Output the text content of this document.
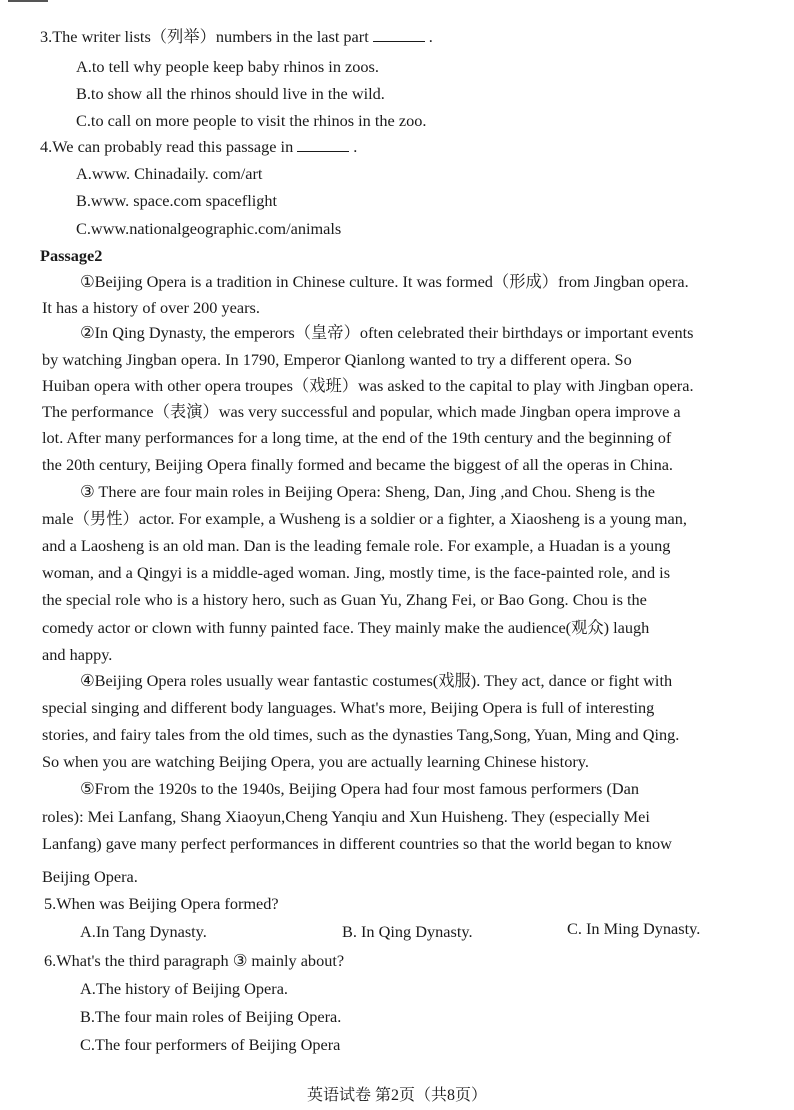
3.The writer lists（列举）numbers in the last part	.
A.to tell why people keep baby rhinos in zoos.
B.to show all the rhinos should live in the wild.
C.to call on more people to visit the rhinos in the zoo.
4.We can probably read this passage in	.
A.www. Chinadaily. com/art
B.www. space.com spaceflight
C.www.nationalgeographic.com/animals
Passage2
①Beijing Opera is a tradition in Chinese culture. It was formed（形成）from Jingban opera.
It has a history of over 200 years.
②In Qing Dynasty, the emperors（皇帝）often celebrated their birthdays or important events
by watching Jingban opera. In 1790, Emperor Qianlong wanted to try a different opera. So
Huiban opera with other opera troupes（戏班）was asked to the capital to play with Jingban opera.
The performance（表演）was very successful and popular, which made Jingban opera improve a
lot. After many performances for a long time, at the end of the 19th century and the beginning of
the 20th century, Beijing Opera finally formed and became the biggest of all the operas in China.
③ There are four main roles in Beijing Opera: Sheng, Dan, Jing ,and Chou. Sheng is the
male（男性）actor. For example, a Wusheng is a soldier or a fighter, a Xiaosheng is a young man,
and a Laosheng is an old man. Dan is the leading female role. For example, a Huadan is a young
woman, and a Qingyi is a middle-aged woman. Jing, mostly time, is the face-painted role, and is
the special role who is a history hero, such as Guan Yu, Zhang Fei, or Bao Gong. Chou is the
comedy actor or clown with funny painted face. They mainly make the audience(观众) laugh
and happy.
④Beijing Opera roles usually wear fantastic costumes(戏服). They act, dance or fight with
special singing and different body languages. What's more, Beijing Opera is full of interesting
stories, and fairy tales from the old times, such as the dynasties Tang,Song, Yuan, Ming and Qing.
So when you are watching Beijing Opera, you are actually learning Chinese history.
⑤From the 1920s to the 1940s, Beijing Opera had four most famous performers (Dan
roles): Mei Lanfang, Shang Xiaoyun,Cheng Yanqiu and Xun Huisheng. They (especially Mei
Lanfang) gave many perfect performances in different countries so that the world began to know
Beijing Opera.
5.When was Beijing Opera formed?
A.In Tang Dynasty.	B. In Qing Dynasty.	C. In Ming Dynasty.
6.What's the third paragraph ③ mainly about?
A.The history of Beijing Opera.
B.The four main roles of Beijing Opera.
C.The four performers of Beijing Opera
英语试卷 第2页（共8页）
